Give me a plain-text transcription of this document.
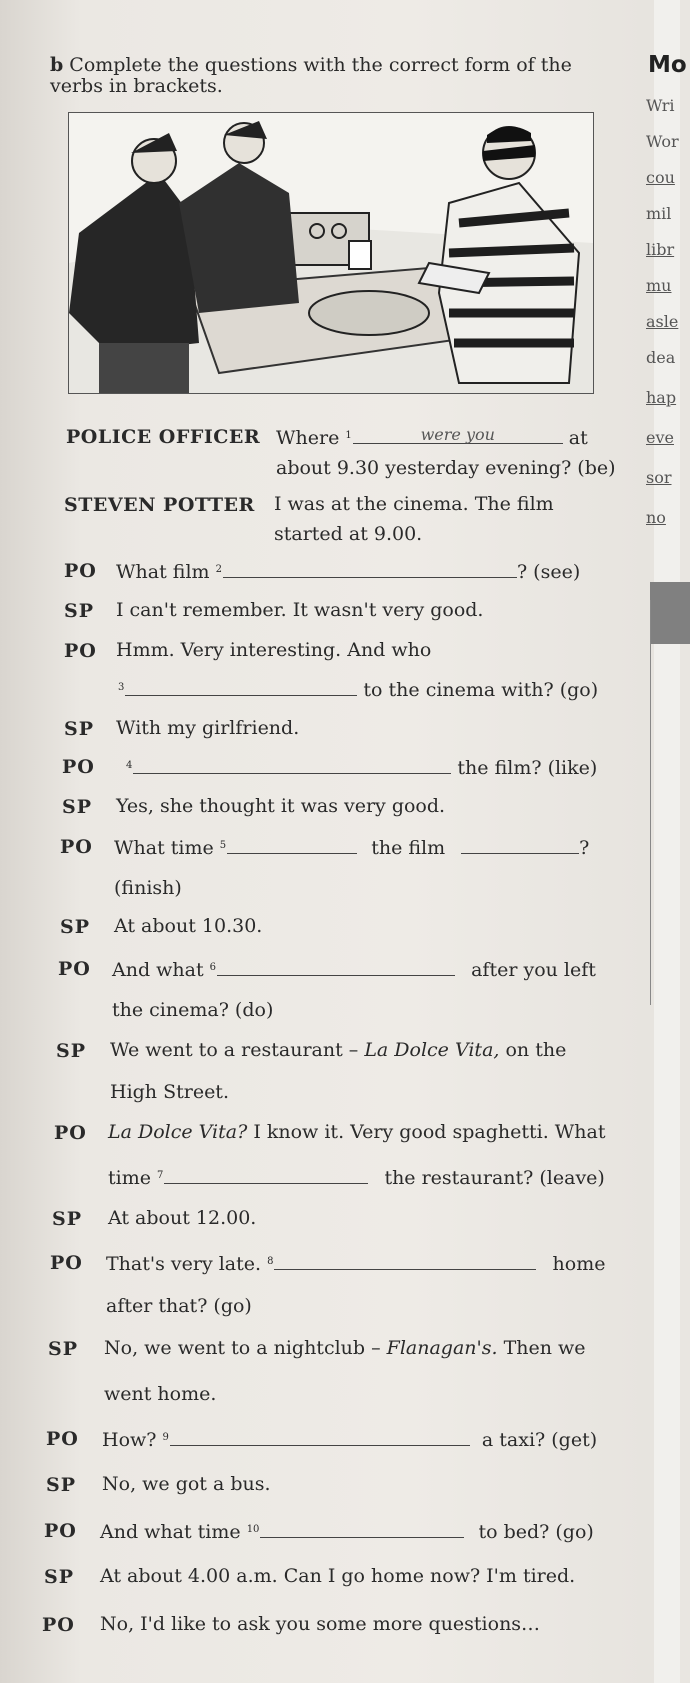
b Complete the questions with the correct form of the verbs in brackets.
Mo
Wri
Wor
cou
mil
libr
mu
asle
dea
hap
eve
sor
no
POLICE OFFICER Where $^1$	were you	at
about 9.30 yesterday evening? (be)
STEVEN POTTER I was at the cinema. The film
started at 9.00.
PO What film $^2$	? (see)
SP I can't remember. It wasn't very good.
PO Hmm. Very interesting. And who
$^3$	to the cinema with? (go)
SP With my girlfriend.
PO	$^4$	the film? (like)
SP Yes, she thought it was very good.
PO What time $^5$	the film	?
(finish)
SP At about 10.30.
PO And what $^6$	after you left
the cinema? (do)
SP We went to a restaurant – La Dolce Vita, on the
High Street.
PO La Dolce Vita? I know it. Very good spaghetti. What
time $^7$	the restaurant? (leave)
SP At about 12.00.
PO That's very late. $^8$	home
after that? (go)
SP No, we went to a nightclub – Flanagan's. Then we
went home.
PO How? $^9$	a taxi? (get)
SP No, we got a bus.
PO And what time $^{10}$	to bed? (go)
SP At about 4.00 a.m. Can I go home now? I'm tired.
PO No, I'd like to ask you some more questions…
